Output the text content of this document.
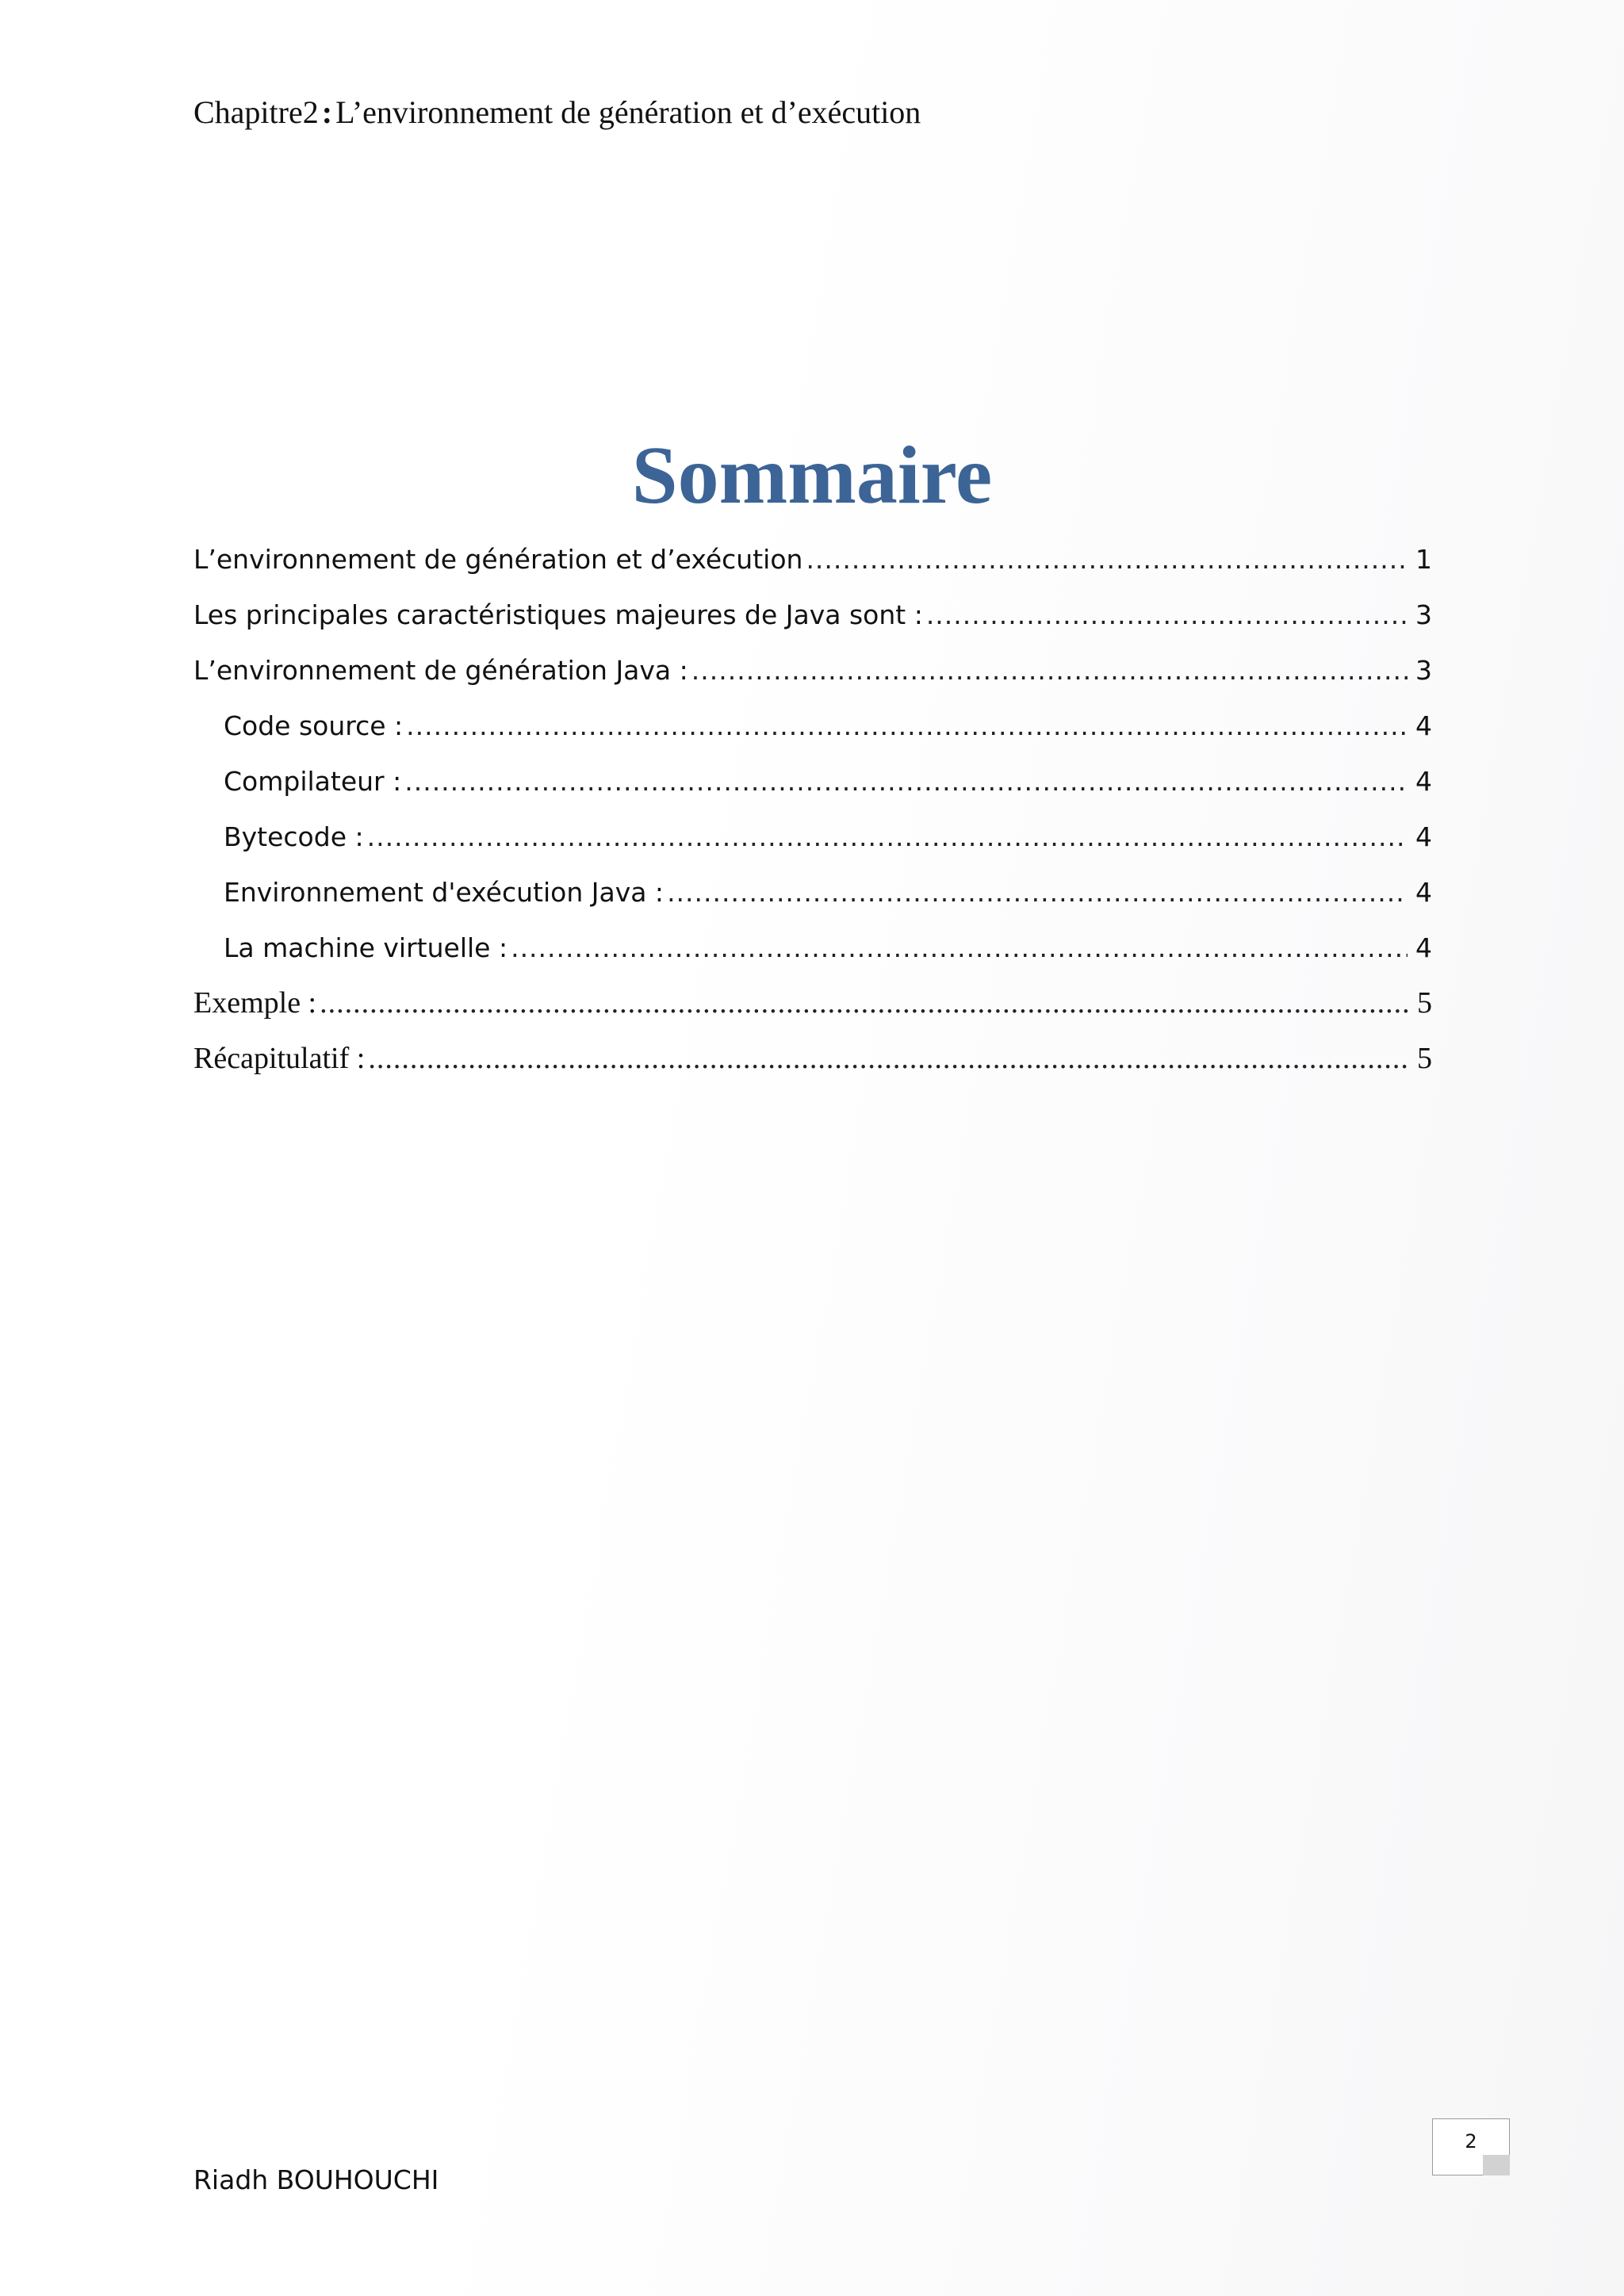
Chapitre2 : L’environnement de génération et d’exécution
Sommaire
L’environnement de génération et d’exécution .....	1
Les principales caractéristiques majeures de Java sont : .....	3
L’environnement de génération Java : .....	3
Code source : .....	4
Compilateur : .....	4
Bytecode : .....	4
Environnement d'exécution Java : .....	4
La machine virtuelle : .....	4
Exemple : .....	5
Récapitulatif : .....	5
2
Riadh BOUHOUCHI
